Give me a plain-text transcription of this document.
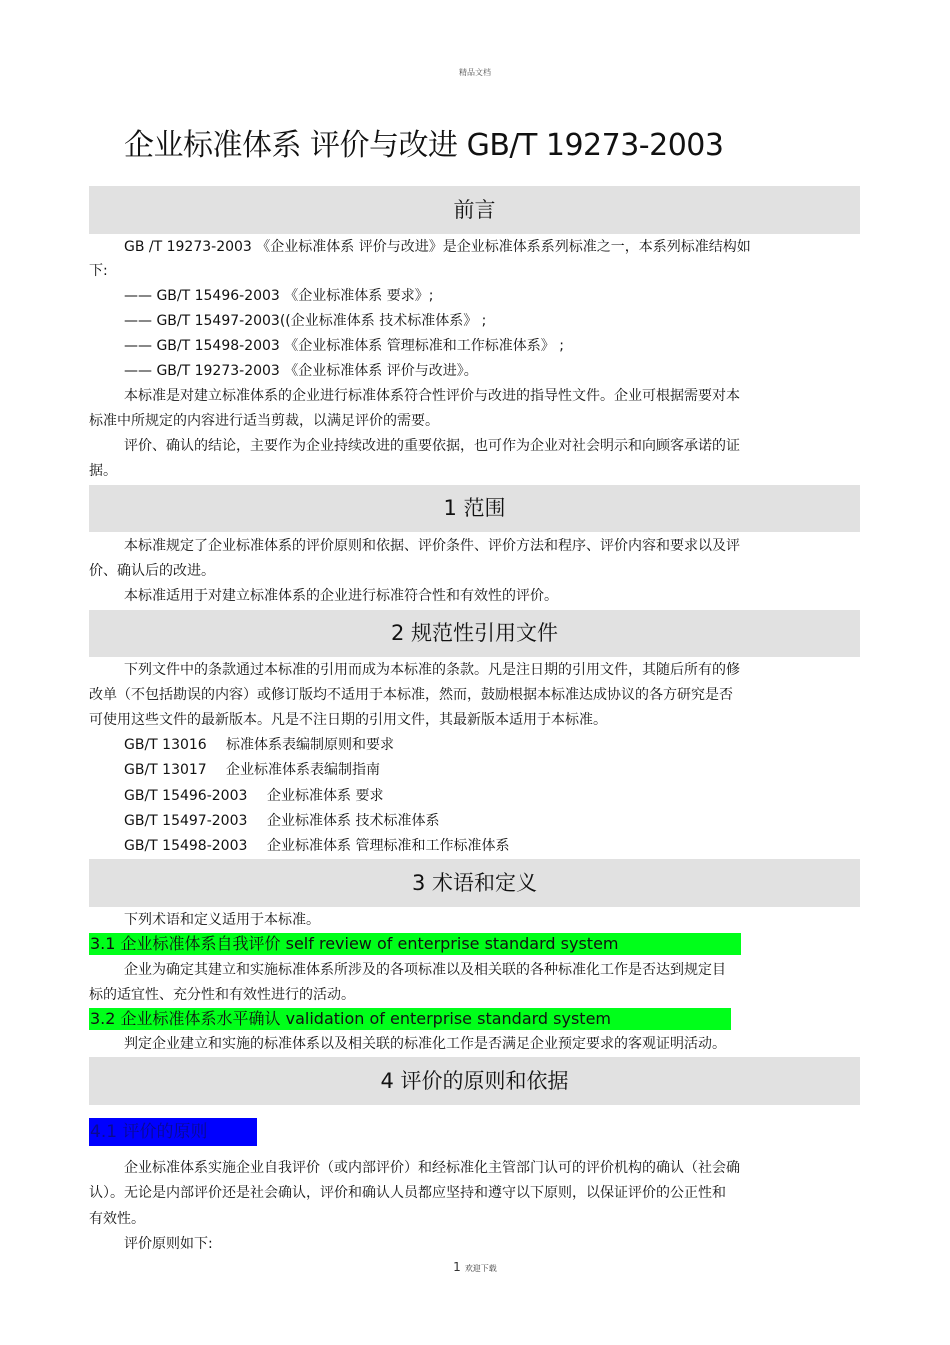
精品文档
企业标准体系 评价与改进 GB/T 19273-2003
前言
GB /T 19273-2003 《企业标准体系 评价与改进》是企业标准体系系列标准之一，本系列标准结构如
下:
—— GB/T 15496-2003 《企业标准体系 要求》;
—— GB/T 15497-2003((企业标准体系 技术标准体系》 ;
—— GB/T 15498-2003 《企业标准体系 管理标准和工作标准体系》 ;
—— GB/T 19273-2003 《企业标准体系 评价与改进》。
本标准是对建立标准体系的企业进行标准体系符合性评价与改进的指导性文件。企业可根据需要对本
标准中所规定的内容进行适当剪裁，以满足评价的需要。
评价、确认的结论，主要作为企业持续改进的重要依据，也可作为企业对社会明示和向顾客承诺的证
据。
1 范围
本标准规定了企业标准体系的评价原则和依据、评价条件、评价方法和程序、评价内容和要求以及评
价、确认后的改进。
本标准适用于对建立标准体系的企业进行标准符合性和有效性的评价。
2 规范性引用文件
下列文件中的条款通过本标准的引用而成为本标准的条款。凡是注日期的引用文件，其随后所有的修
改单（不包括勘误的内容）或修订版均不适用于本标准，然而，鼓励根据本标准达成协议的各方研究是否
可使用这些文件的最新版本。凡是不注日期的引用文件，其最新版本适用于本标准。
GB/T 13016 标准体系表编制原则和要求
GB/T 13017 企业标准体系表编制指南
GB/T 15496-2003 企业标准体系 要求
GB/T 15497-2003 企业标准体系 技术标准体系
GB/T 15498-2003 企业标准体系 管理标准和工作标准体系
3 术语和定义
下列术语和定义适用于本标准。
3.1 企业标准体系自我评价 self review of enterprise standard system
企业为确定其建立和实施标准体系所涉及的各项标准以及相关联的各种标准化工作是否达到规定目
标的适宜性、充分性和有效性进行的活动。
3.2 企业标准体系水平确认 validation of enterprise standard system
判定企业建立和实施的标准体系以及相关联的标准化工作是否满足企业预定要求的客观证明活动。
4 评价的原则和依据
4.1 评价的原则
企业标准体系实施企业自我评价（或内部评价）和经标准化主管部门认可的评价机构的确认（社会确
认）。无论是内部评价还是社会确认，评价和确认人员都应坚持和遵守以下原则，以保证评价的公正性和
有效性。
评价原则如下:
1 欢迎下载
